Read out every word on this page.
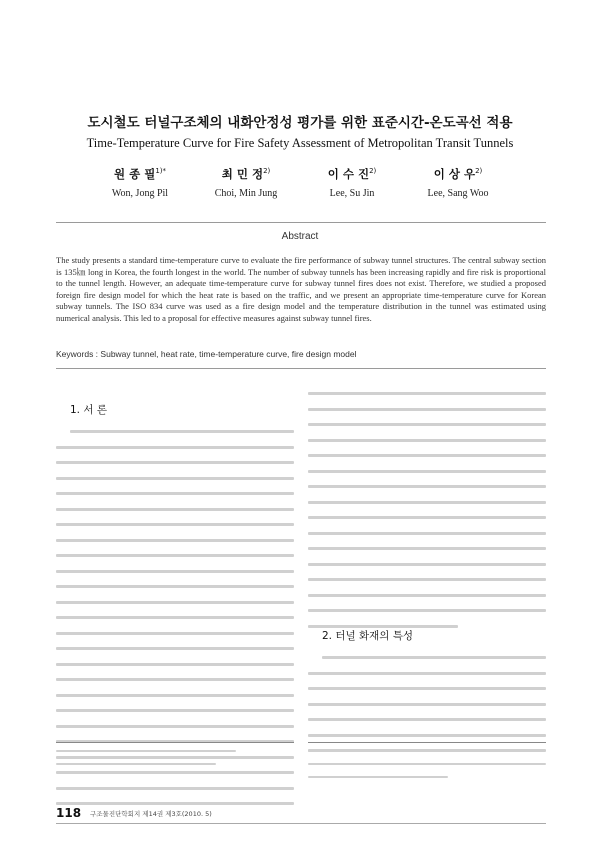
도시철도 터널구조체의 내화안정성 평가를 위한 표준시간-온도곡선 적용
Time-Temperature Curve for Fire Safety Assessment of Metropolitan Transit Tunnels
원 종 필$^{1)*}$
Won, Jong Pil
최 민 정$^{2)}$
Choi, Min Jung
이 수 진$^{2)}$
Lee, Su Jin
이 상 우$^{2)}$
Lee, Sang Woo
Abstract
The study presents a standard time-temperature curve to evaluate the fire performance of subway tunnel structures. The central subway section is 135㎞ long in Korea, the fourth longest in the world. The number of subway tunnels has been increasing rapidly and fire risk is proportional to the tunnel length. However, an adequate time-temperature curve for subway tunnel fires does not exist. Therefore, we studied a proposed foreign fire design model for which the heat rate is based on the traffic, and we present an appropriate time-temperature curve for Korean subway tunnels. The ISO 834 curve was used as a fire design model and the temperature distribution in the tunnel was estimated using numerical analysis. This led to a proposal for effective measures against subway tunnel fires.
Keywords : Subway tunnel, heat rate, time-temperature curve, fire design model
1. 서 론
2. 터널 화재의 특성
118 구조물진단학회지 제14권 제3호(2010. 5)
